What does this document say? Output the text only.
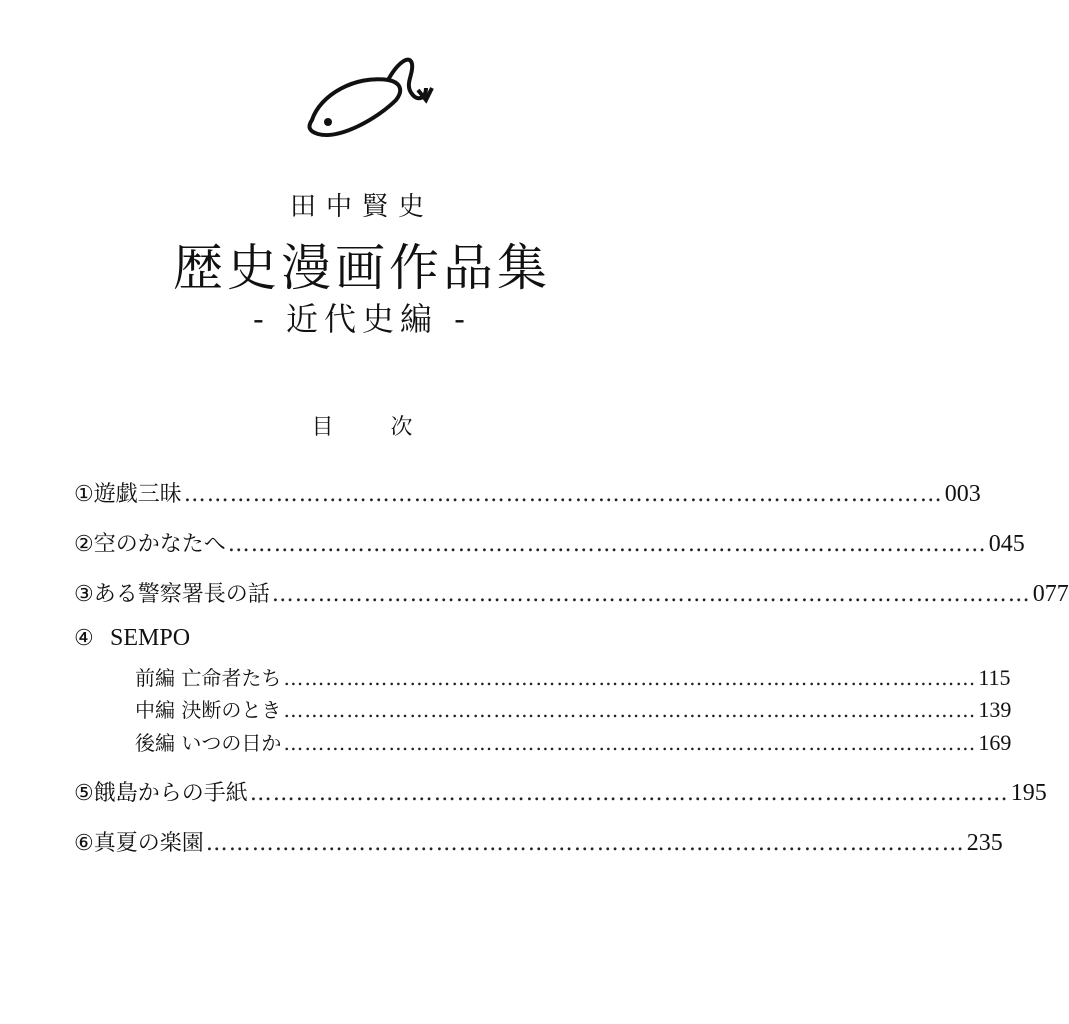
田中賢史
歴史漫画作品集
- 近代史編 -
目 次
① 遊戯三昧 ……………………………………………………………………………………… 003
② 空のかなたへ ……………………………………………………………………………………… 045
③ ある警察署長の話 ……………………………………………………………………………………… 077
④ SEMPO
前編 亡命者たち ……………………………………………………………………………………… 115
中編 決断のとき ……………………………………………………………………………………… 139
後編 いつの日か ……………………………………………………………………………………… 169
⑤ 餓島からの手紙 ……………………………………………………………………………………… 195
⑥ 真夏の楽園 ……………………………………………………………………………………… 235
